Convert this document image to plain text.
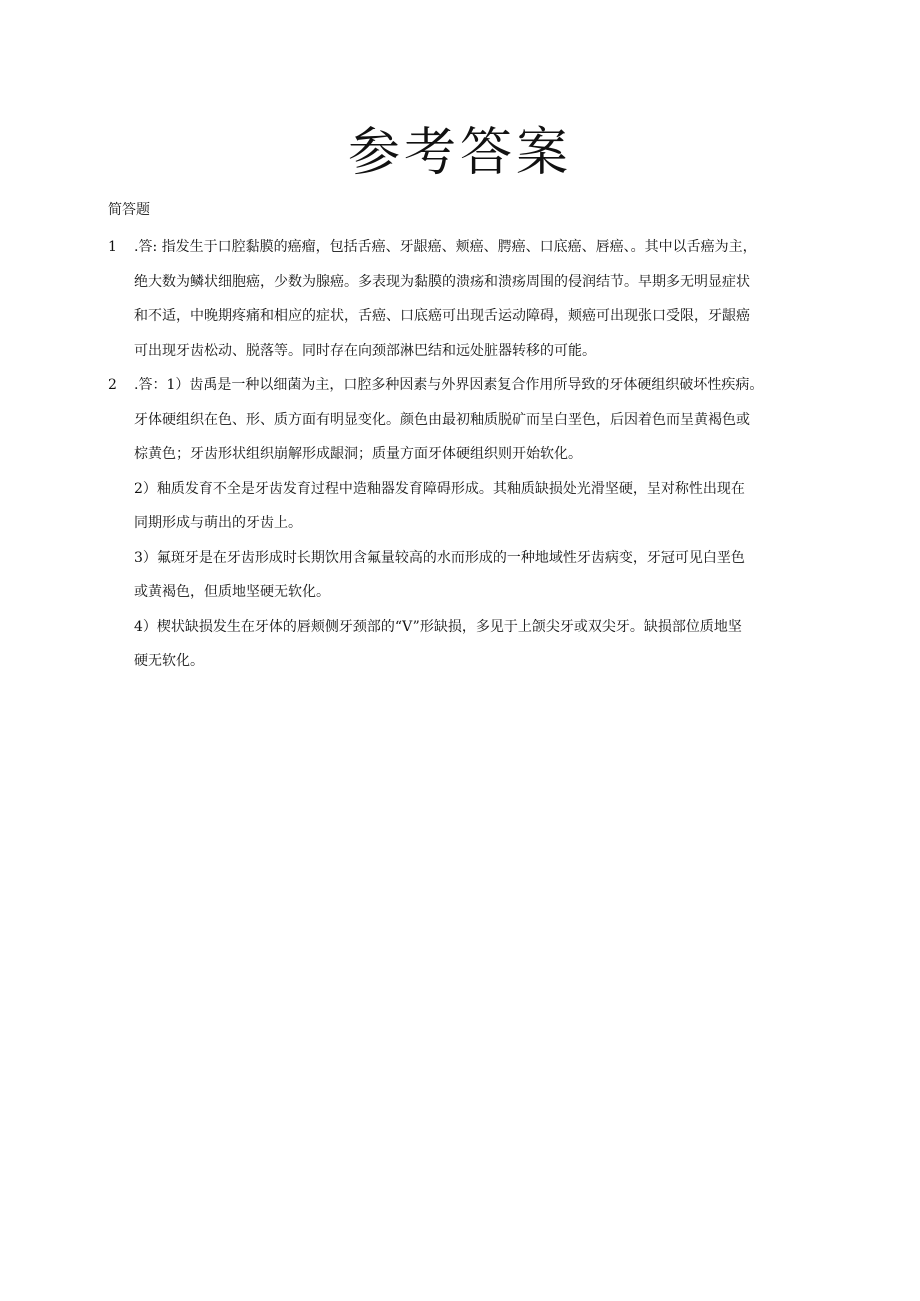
参考答案
简答题
1	.答: 指发生于口腔黏膜的癌瘤，包括舌癌、牙龈癌、颊癌、腭癌、口底癌、唇癌、。其中以舌癌为主，
绝大数为鳞状细胞癌，少数为腺癌。多表现为黏膜的溃疡和溃疡周围的侵润结节。早期多无明显症状
和不适，中晚期疼痛和相应的症状，舌癌、口底癌可出现舌运动障碍，颊癌可出现张口受限，牙龈癌
可出现牙齿松动、脱落等。同时存在向颈部淋巴结和远处脏器转移的可能。
2	.答：1）齿禹是一种以细菌为主，口腔多种因素与外界因素复合作用所导致的牙体硬组织破坏性疾病。
牙体硬组织在色、形、质方面有明显变化。颜色由最初釉质脱矿而呈白垩色，后因着色而呈黄褐色或
棕黄色；牙齿形状组织崩解形成龈洞；质量方面牙体硬组织则开始软化。
2）釉质发育不全是牙齿发育过程中造釉器发育障碍形成。其釉质缺损处光滑坚硬，呈对称性出现在
同期形成与萌出的牙齿上。
3）氟斑牙是在牙齿形成时长期饮用含氟量较高的水而形成的一种地域性牙齿病变，牙冠可见白垩色
或黄褐色，但质地坚硬无软化。
4）楔状缺损发生在牙体的唇颊侧牙颈部的“V”形缺损，多见于上颌尖牙或双尖牙。缺损部位质地坚
硬无软化。
